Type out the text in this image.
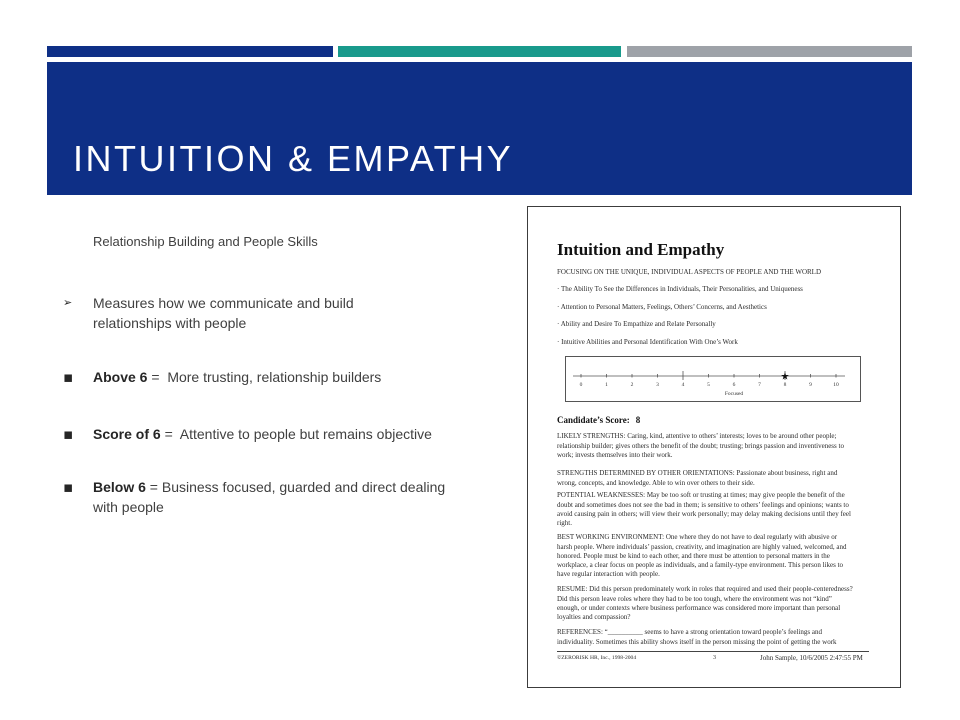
INTUITION & EMPATHY
Relationship Building and People Skills
➢ Measures how we communicate and build
relationships with people
▪ Above 6 =  More trusting, relationship builders
▪ Score of 6 =  Attentive to people but remains objective
▪ Below 6 = Business focused, guarded and direct dealing
with people
Intuition and Empathy
FOCUSING ON THE UNIQUE, INDIVIDUAL ASPECTS OF PEOPLE AND THE WORLD
· The Ability To See the Differences in Individuals, Their Personalities, and Uniqueness
· Attention to Personal Matters, Feelings, Others’ Concerns, and Aesthetics
· Ability and Desire To Empathize and Relate Personally
· Intuitive Abilities and Personal Identification With One’s Work
0	1	2	3	4	5	6	7	8	9	10
Focused
★
Candidate’s Score: 8
LIKELY STRENGTHS: Caring, kind, attentive to others’ interests; loves to be around other people;
relationship builder; gives others the benefit of the doubt; trusting; brings passion and inventiveness to
work; invests themselves into their work.
STRENGTHS DETERMINED BY OTHER ORIENTATIONS: Passionate about business, right and
wrong, concepts, and knowledge. Able to win over others to their side.
POTENTIAL WEAKNESSES: May be too soft or trusting at times; may give people the benefit of the
doubt and sometimes does not see the bad in them; is sensitive to others’ feelings and opinions; wants to
avoid causing pain in others; will view their work personally; may delay making decisions until they feel
right.
BEST WORKING ENVIRONMENT: One where they do not have to deal regularly with abusive or
harsh people. Where individuals’ passion, creativity, and imagination are highly valued, welcomed, and
honored. People must be kind to each other, and there must be attention to personal matters in the
workplace, a clear focus on people as individuals, and a family-type environment. This person likes to
have regular interaction with people.
RESUME: Did this person predominately work in roles that required and used their people-centeredness?
Did this person leave roles where they had to be too tough, where the environment was not “kind”
enough, or under contexts where business performance was considered more important than personal
loyalties and compassion?
REFERENCES: “__________ seems to have a strong orientation toward people’s feelings and
individuality. Sometimes this ability shows itself in the person missing the point of getting the work
©ZERORISK HR, Inc., 1998-2004	3	John Sample, 10/6/2005 2:47:55 PM
